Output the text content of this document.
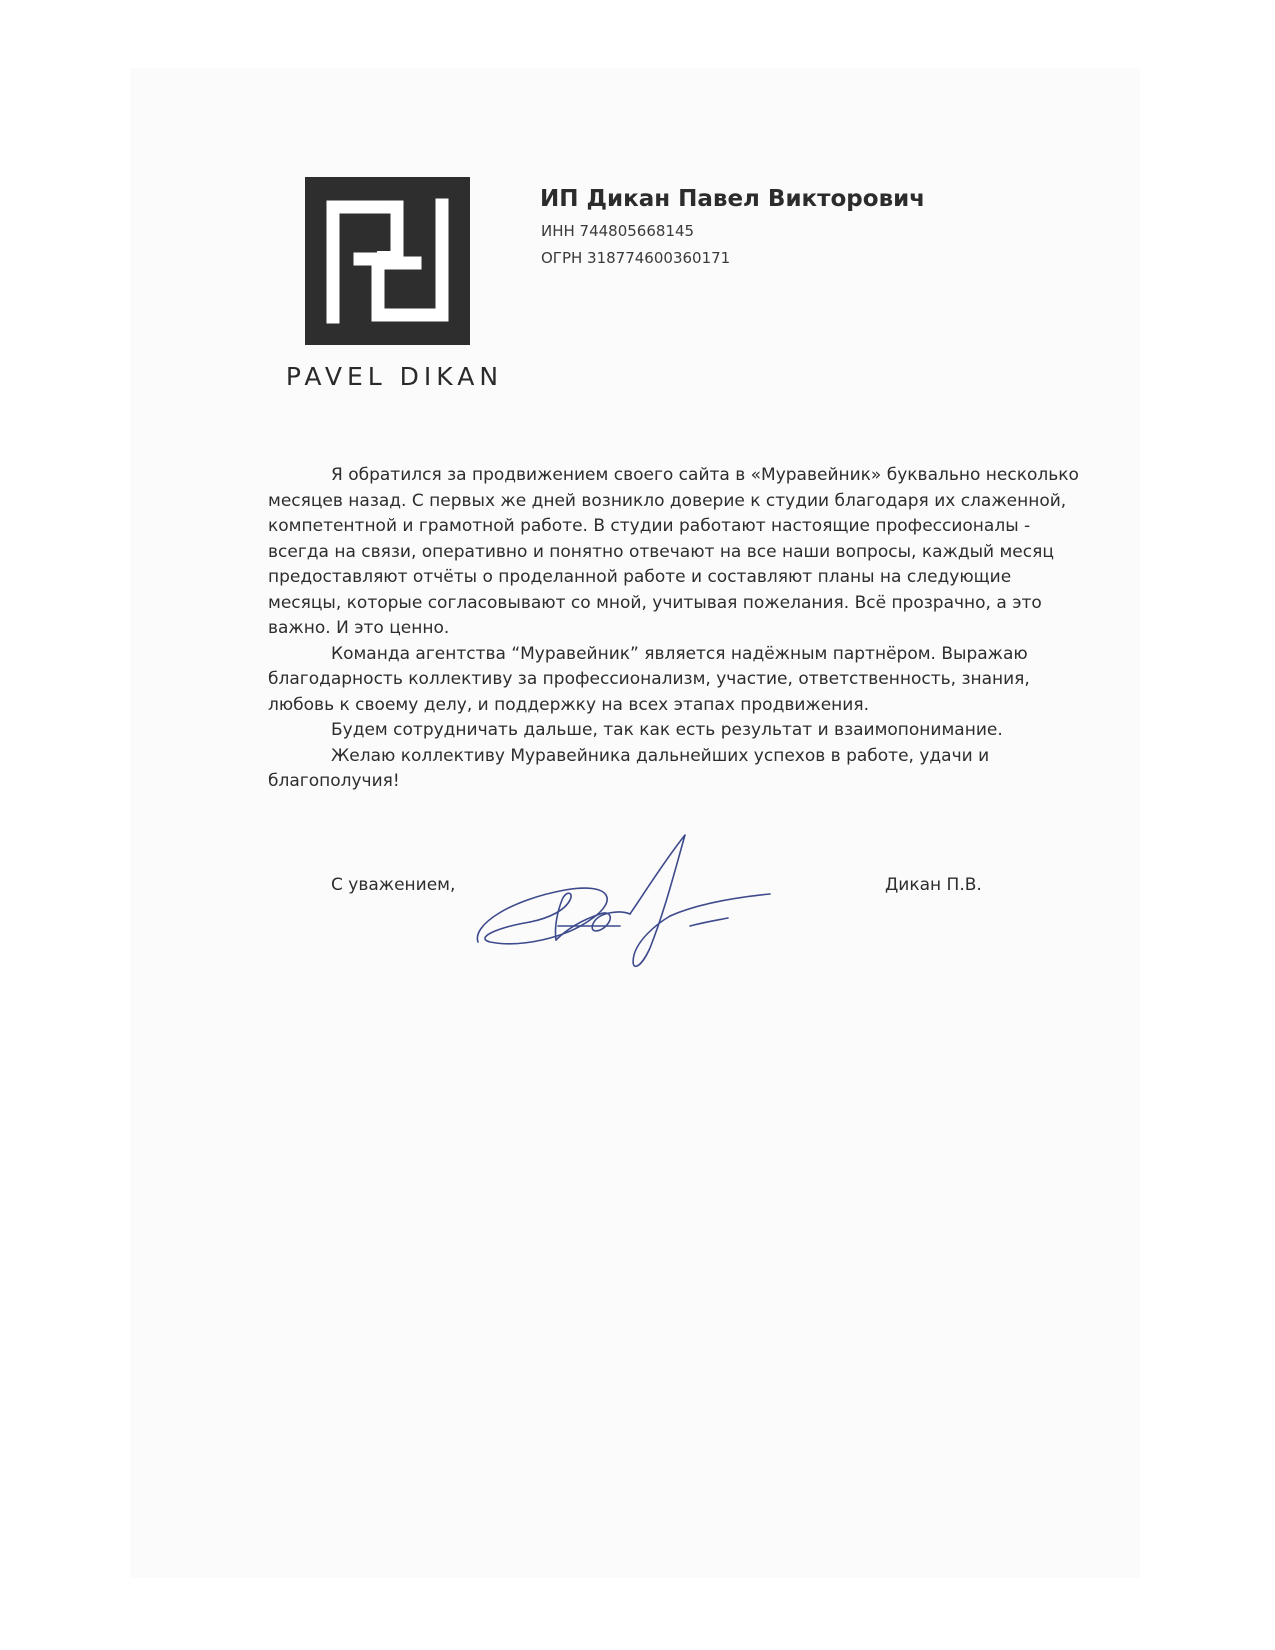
PAVEL DIKAN
ИП Дикан Павел Викторович
ИНН 744805668145
ОГРН 318774600360171

Я обратился за продвижением своего сайта в «Муравейник» буквально несколько месяцев назад. С первых же дней возникло доверие к студии благодаря их слаженной, компетентной и грамотной работе. В студии работают настоящие профессионалы - всегда на связи, оперативно и понятно отвечают на все наши вопросы, каждый месяц предоставляют отчёты о проделанной работе и составляют планы на следующие месяцы, которые согласовывают со мной, учитывая пожелания. Всё прозрачно, а это важно. И это ценно.

Команда агентства “Муравейник” является надёжным партнёром. Выражаю благодарность коллективу за профессионализм, участие, ответственность, знания, любовь к своему делу, и поддержку на всех этапах продвижения.

Будем сотрудничать дальше, так как есть результат и взаимопонимание.

Желаю коллективу Муравейника дальнейших успехов в работе, удачи и благополучия!

С уважением,	Дикан П.В.
